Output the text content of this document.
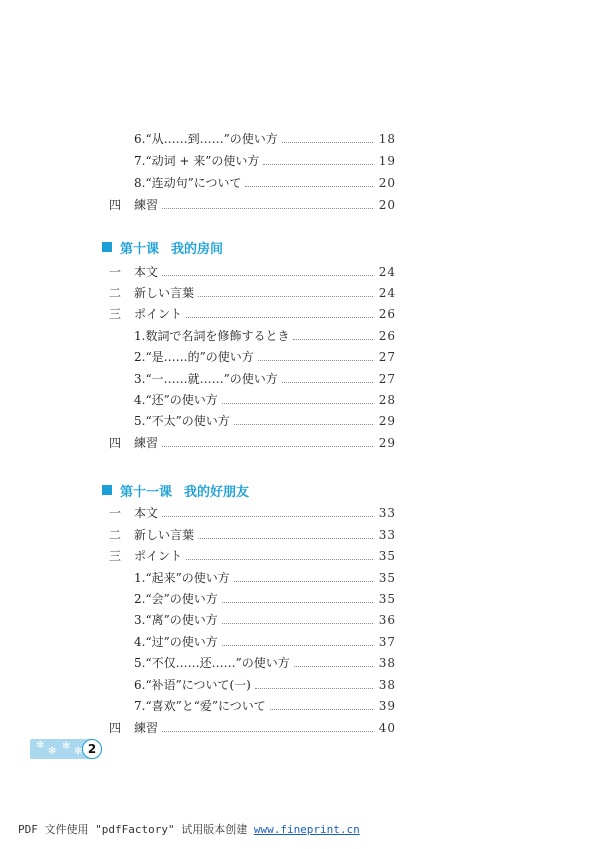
6. “从……到……”の使い方	18
7. “动词 + 来”の使い方	19
8. “连动句”について	20
四	練習	20
第十课 我的房间
一	本文	24
二	新しい言葉	24
三	ポイント	26
1. 数詞で名詞を修飾するとき	26
2. “是……的”の使い方	27
3. “一……就……”の使い方	27
4. “还”の使い方	28
5. “不太”の使い方	29
四	練習	29
第十一课 我的好朋友
一	本文	33
二	新しい言葉	33
三	ポイント	35
1. “起来”の使い方	35
2. “会”の使い方	35
3. “离”の使い方	36
4. “过”の使い方	37
5. “不仅……还……”の使い方	38
6. “补语”について(一)	38
7. “喜欢”と“爱”について	39
四	練習	40
✻
✻ ✻ ✻ 2
PDF 文件使用 "pdfFactory" 试用版本创建 www.fineprint.cn
